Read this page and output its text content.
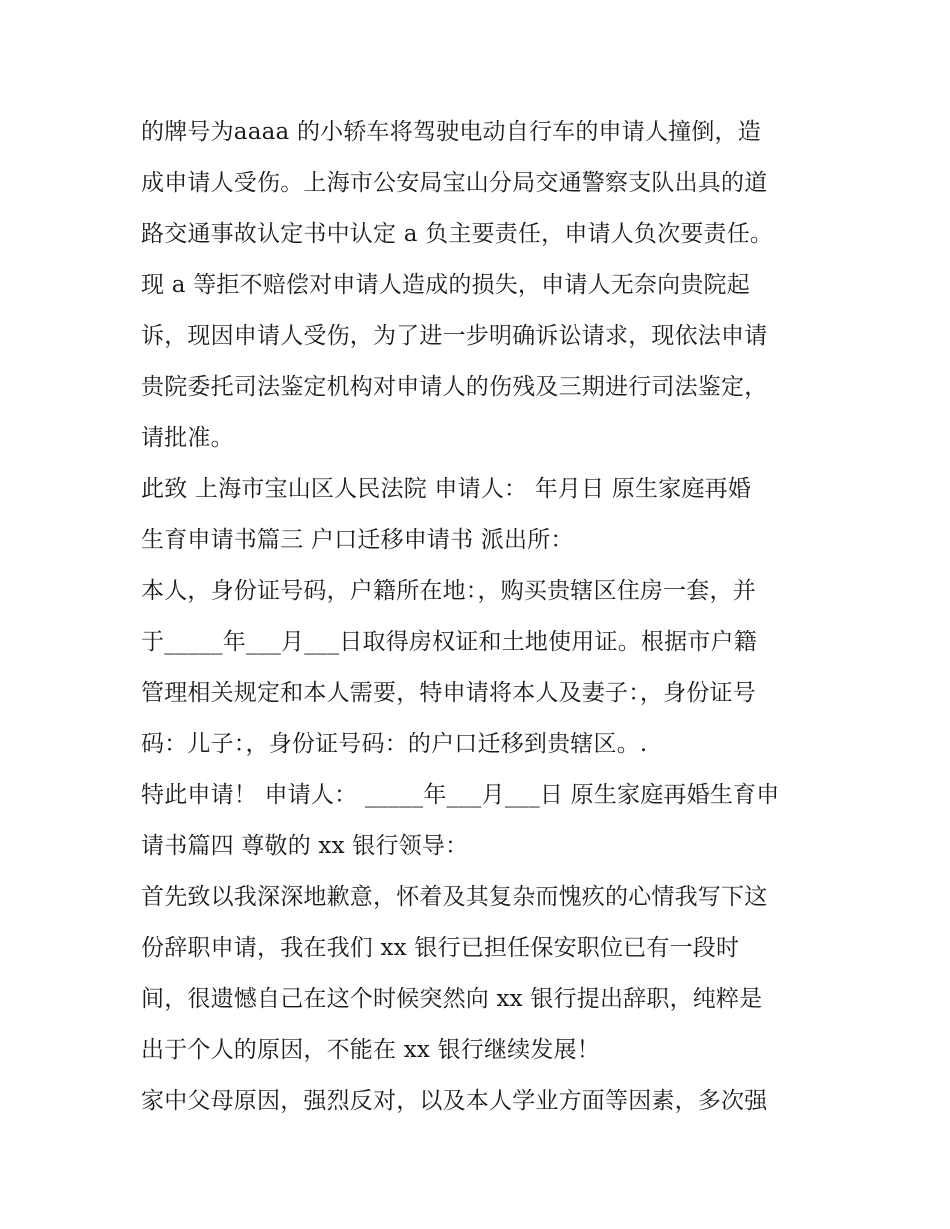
的牌号为aaaa 的小轿车将驾驶电动自行车的申请人撞倒，造
成申请人受伤。上海市公安局宝山分局交通警察支队出具的道
路交通事故认定书中认定 a 负主要责任，申请人负次要责任。
现 a 等拒不赔偿对申请人造成的损失，申请人无奈向贵院起
诉，现因申请人受伤，为了进一步明确诉讼请求，现依法申请
贵院委托司法鉴定机构对申请人的伤残及三期进行司法鉴定，
请批准。
此致 上海市宝山区人民法院 申请人： 年月日 原生家庭再婚
生育申请书篇三 户口迁移申请书 派出所：
本人，身份证号码，户籍所在地：，购买贵辖区住房一套，并
于_____年___月___日取得房权证和土地使用证。根据市户籍
管理相关规定和本人需要，特申请将本人及妻子：，身份证号
码：儿子：，身份证号码：的户口迁移到贵辖区。.
特此申请！ 申请人： _____年___月___日 原生家庭再婚生育申
请书篇四 尊敬的 xx 银行领导：
首先致以我深深地歉意，怀着及其复杂而愧疚的心情我写下这
份辞职申请，我在我们 xx 银行已担任保安职位已有一段时
间，很遗憾自己在这个时候突然向 xx 银行提出辞职，纯粹是
出于个人的原因，不能在 xx 银行继续发展！
家中父母原因，强烈反对，以及本人学业方面等因素，多次强
